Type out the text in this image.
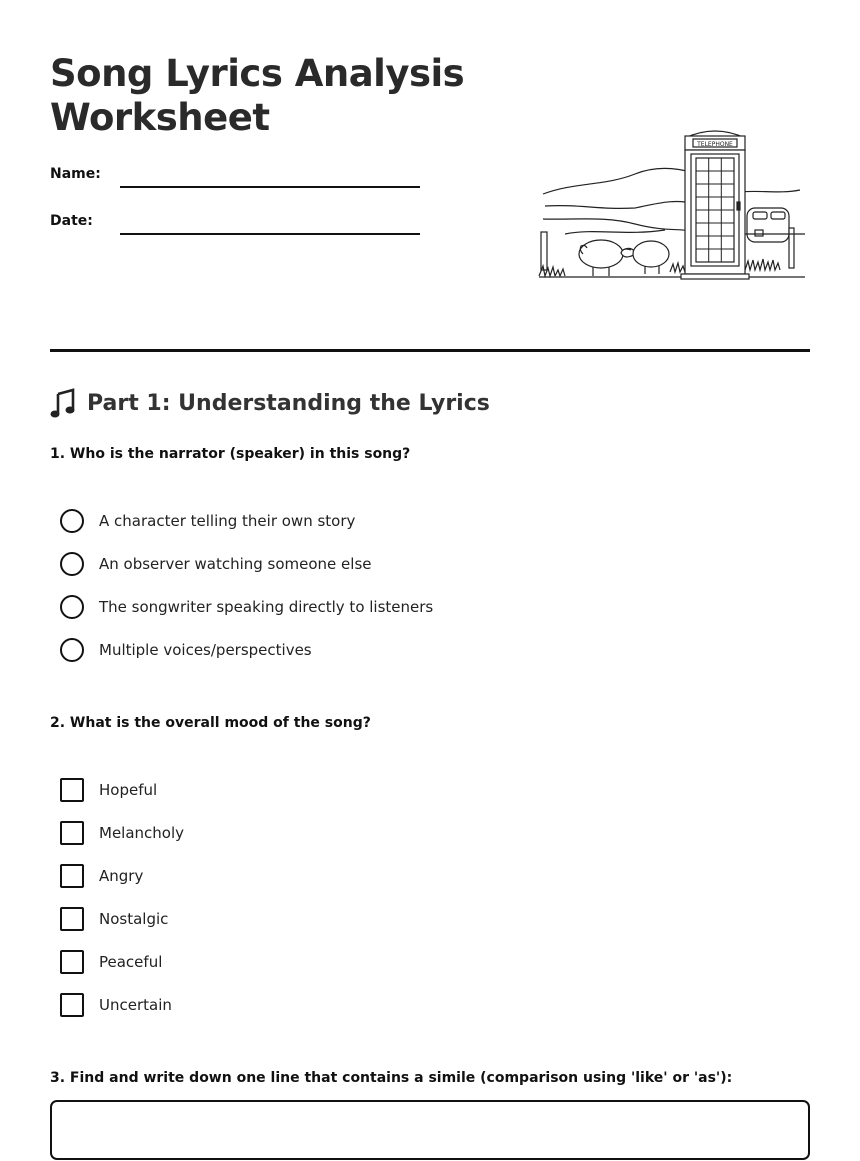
Song Lyrics Analysis
Worksheet
Name:
Date:
TELEPHONE
Part 1: Understanding the Lyrics

1. Who is the narrator (speaker) in this song?

A character telling their own story
An observer watching someone else
The songwriter speaking directly to listeners
Multiple voices/perspectives

2. What is the overall mood of the song?

Hopeful
Melancholy
Angry
Nostalgic
Peaceful
Uncertain

3. Find and write down one line that contains a simile (comparison using 'like' or 'as'):
